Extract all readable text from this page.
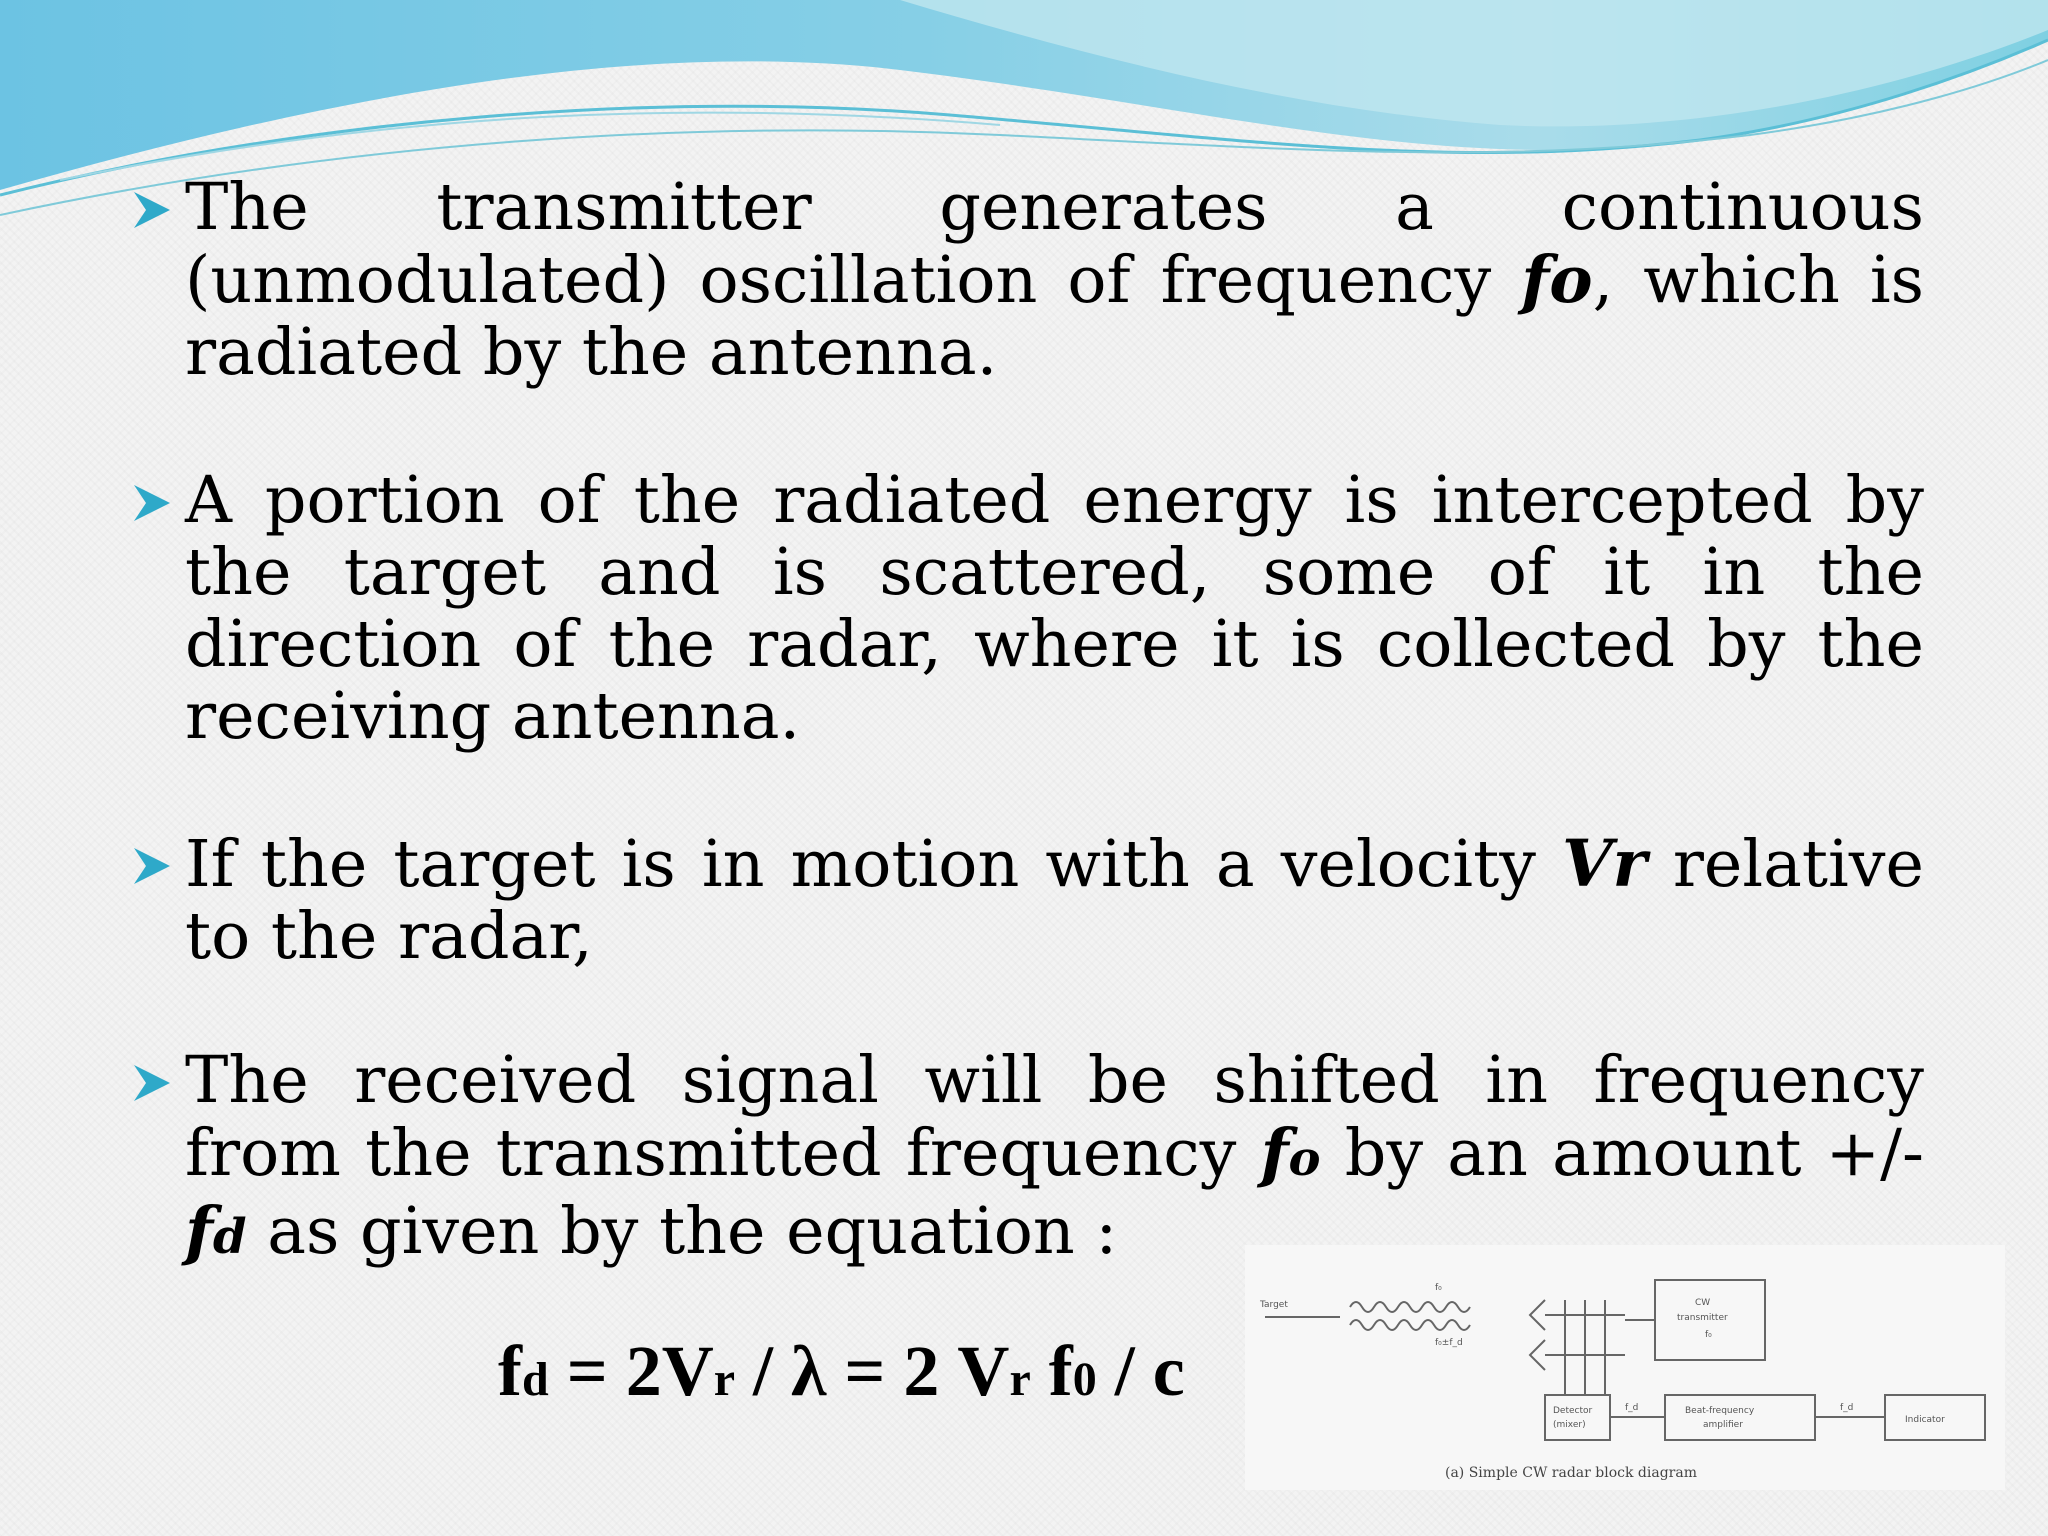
The transmitter generates a continuous
(unmodulated) oscillation of frequency fo, which is radiated by the antenna.

A portion of the radiated energy is intercepted by the target and is scattered, some of it in the direction of the radar, where it is collected by the receiving antenna.

If the target is in motion with a velocity Vr relative to the radar,

The received signal will be shifted in frequency from the transmitted frequency fo by an amount +/-fd as given by the equation :

fd = 2Vr / λ = 2 Vr f0 / c
Target
f₀
f₀±f_d
CW
transmitter
f₀
Detector
(mixer)
f_d	Beat-frequency
amplifier
f_d
Indicator
(a) Simple CW radar block diagram
